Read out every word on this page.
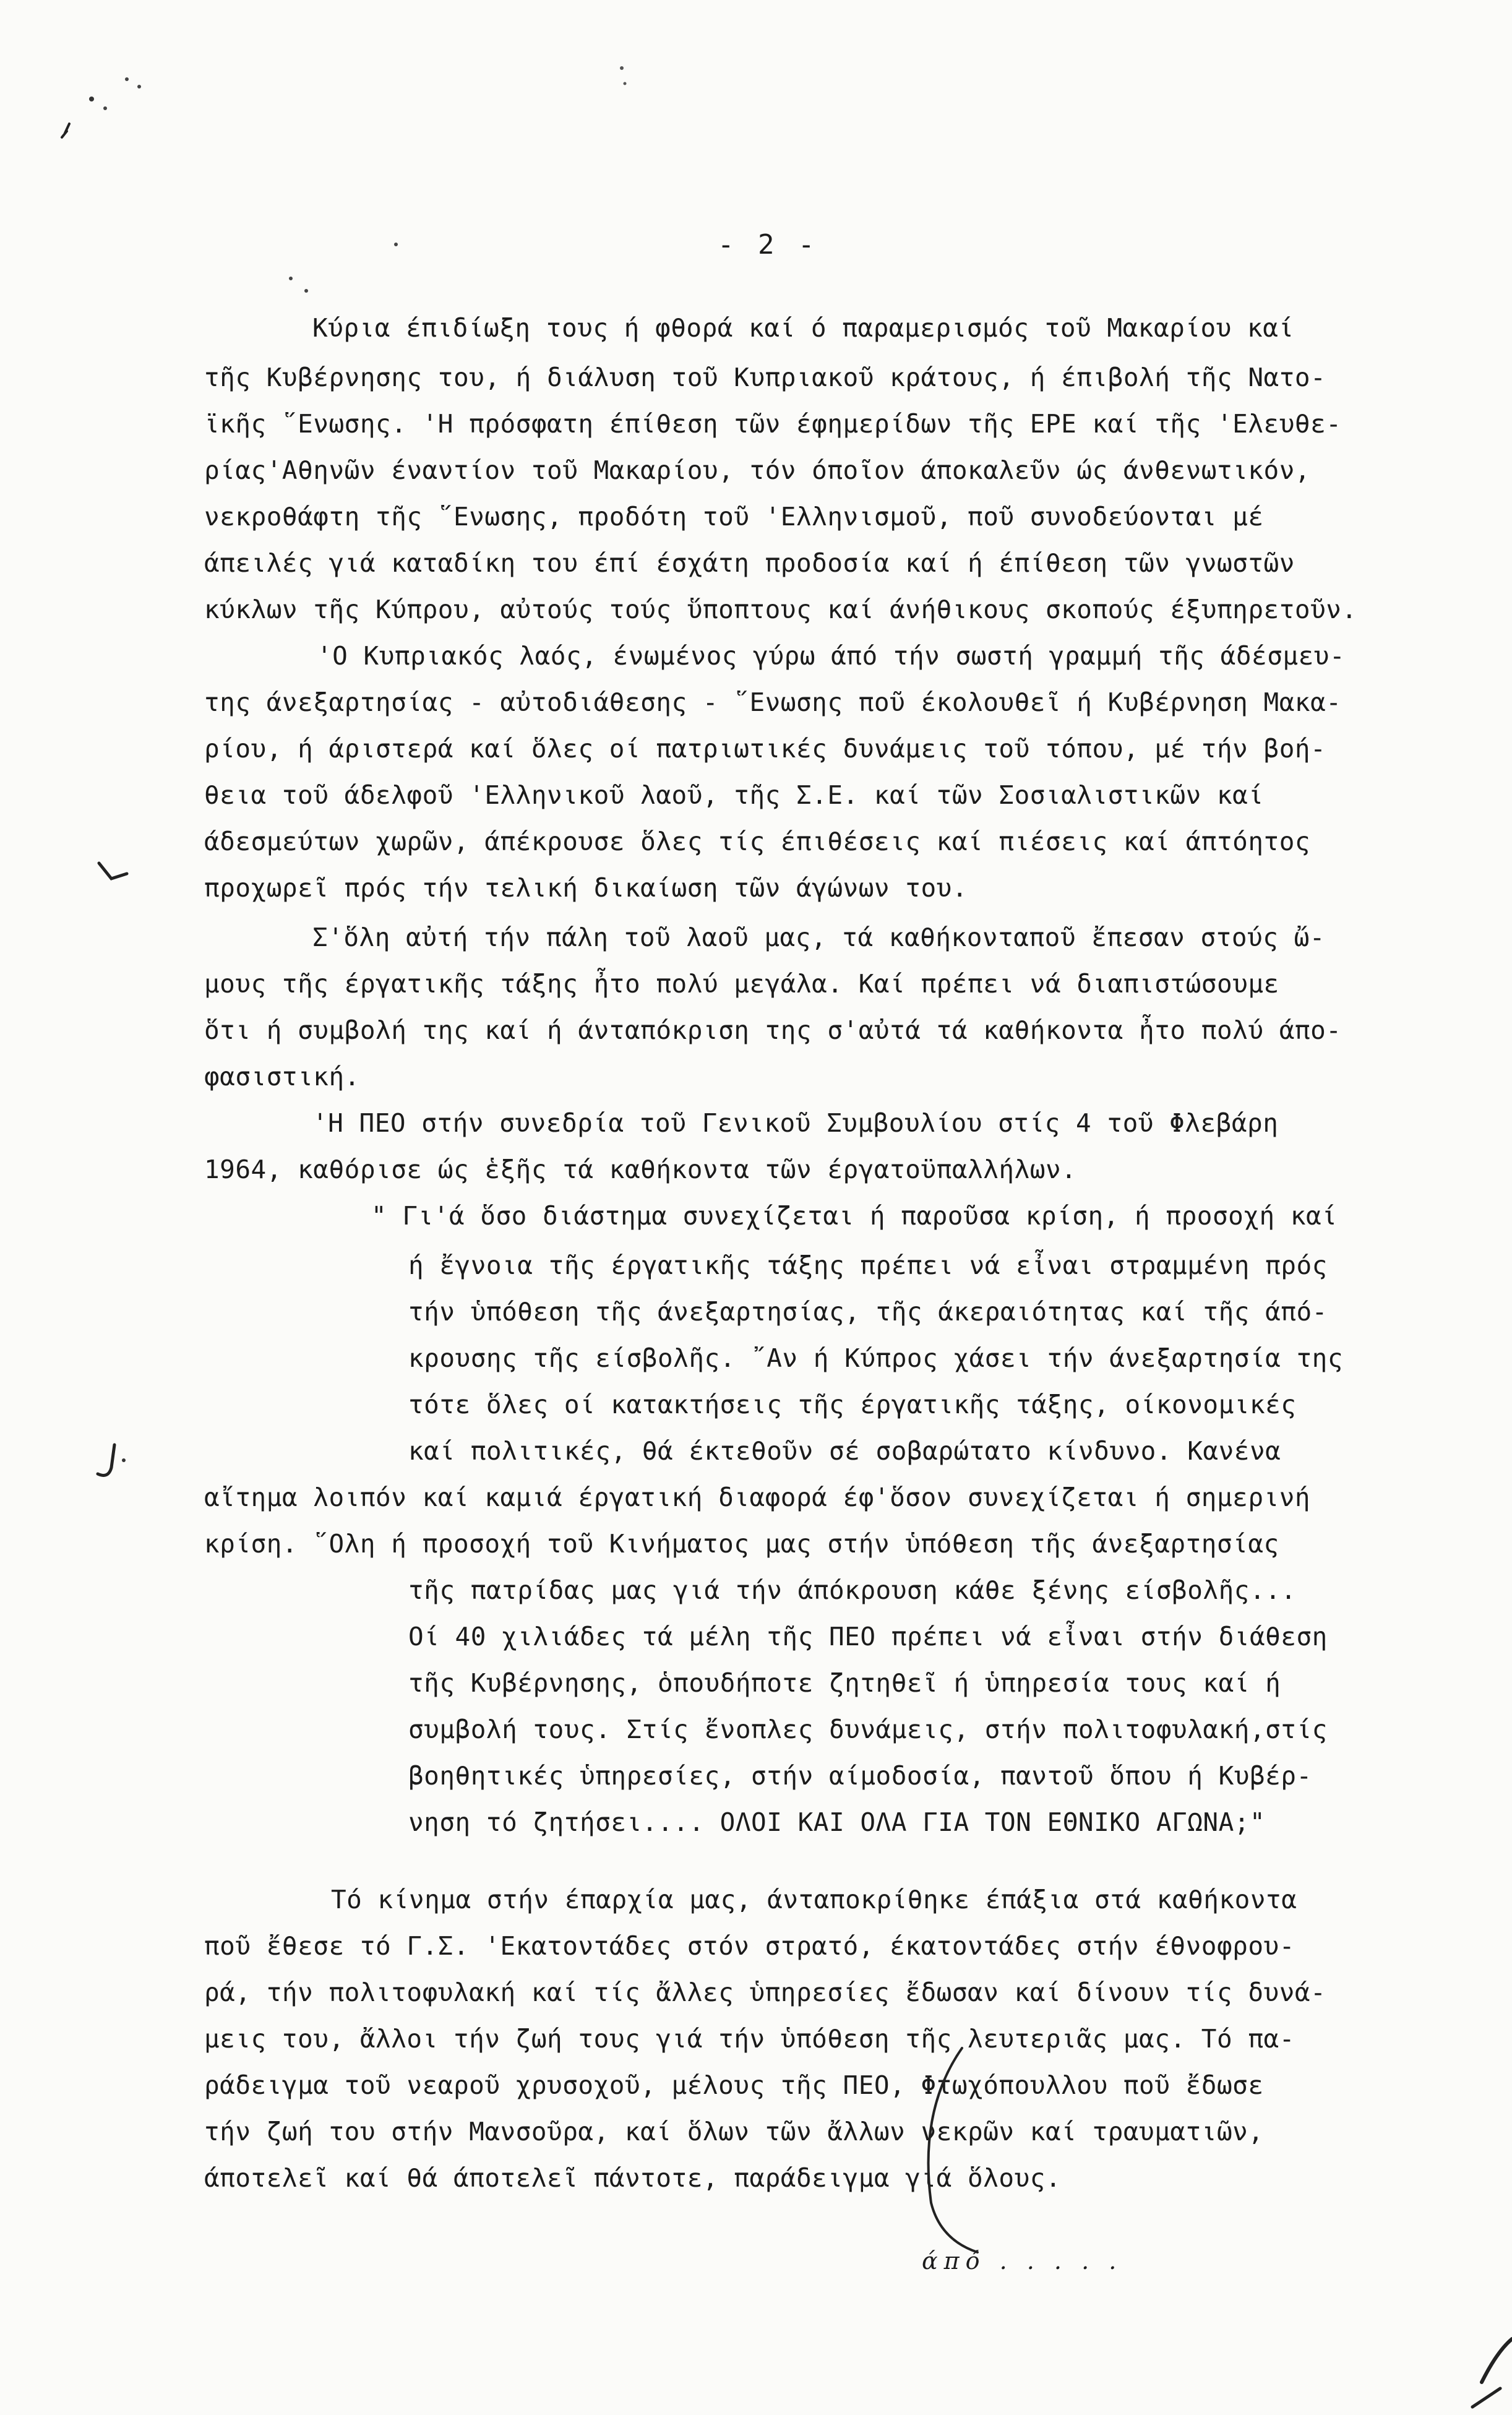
- 2 -
Κύρια έπιδίωξη τους ή φθορά καί ό παραμερισμός τοῦ Μακαρίου καί
τῆς Κυβέρνησης του, ή διάλυση τοῦ Κυπριακοῦ κράτους, ή έπιβολή τῆς Νατο-
ϊκῆς ῞Ενωσης. 'Η πρόσφατη έπίθεση τῶν έφημερίδων τῆς ΕΡΕ καί τῆς 'Ελευθε-
ρίας'Αθηνῶν έναντίον τοῦ Μακαρίου, τόν όποῖον άποκαλεῦν ώς άνθενωτικόν,
νεκροθάφτη τῆς ῞Ενωσης, προδότη τοῦ 'Ελληνισμοῦ, ποῦ συνοδεύονται μέ
άπειλές γιά καταδίκη του έπί έσχάτη προδοσία καί ή έπίθεση τῶν γνωστῶν
κύκλων τῆς Κύπρου, αὐτούς τούς ὕποπτους καί άνήθικους σκοπούς έξυπηρετοῦν.
'Ο Κυπριακός λαός, ένωμένος γύρω άπό τήν σωστή γραμμή τῆς άδέσμευ-
της άνεξαρτησίας - αὐτοδιάθεσης - ῞Ενωσης ποῦ έκολουθεῖ ή Κυβέρνηση Μακα-
ρίου, ή άριστερά καί ὅλες οί πατριωτικές δυνάμεις τοῦ τόπου, μέ τήν βοή-
θεια τοῦ άδελφοῦ 'Ελληνικοῦ λαοῦ, τῆς Σ.Ε. καί τῶν Σοσιαλιστικῶν καί
άδεσμεύτων χωρῶν, άπέκρουσε ὅλες τίς έπιθέσεις καί πιέσεις καί άπτόητος
προχωρεῖ πρός τήν τελική δικαίωση τῶν άγώνων του.
Σ'ὅλη αὐτή τήν πάλη τοῦ λαοῦ μας, τά καθήκονταποῦ ἔπεσαν στούς ὤ-
μους τῆς έργατικῆς τάξης ἦτο πολύ μεγάλα. Καί πρέπει νά διαπιστώσουμε
ὅτι ή συμβολή της καί ή άνταπόκριση της σ'αὐτά τά καθήκοντα ἦτο πολύ άπο-
φασιστική.
'Η ΠΕΟ στήν συνεδρία τοῦ Γενικοῦ Συμβουλίου στίς 4 τοῦ Φλεβάρη
1964, καθόρισε ώς ἑξῆς τά καθήκοντα τῶν έργατοϋπαλλήλων.
" Γι'ά ὅσο διάστημα συνεχίζεται ή παροῦσα κρίση, ή προσοχή καί
ή ἔγνοια τῆς έργατικῆς τάξης πρέπει νά εἶναι στραμμένη πρός
τήν ὑπόθεση τῆς άνεξαρτησίας, τῆς άκεραιότητας καί τῆς άπό-
κρουσης τῆς είσβολῆς. ῎Αν ή Κύπρος χάσει τήν άνεξαρτησία της
τότε ὅλες οί κατακτήσεις τῆς έργατικῆς τάξης, οίκονομικές
καί πολιτικές, θά έκτεθοῦν σέ σοβαρώτατο κίνδυνο. Κανένα
αἴτημα λοιπόν καί καμιά έργατική διαφορά έφ'ὅσον συνεχίζεται ή σημερινή
κρίση. ῞Ολη ή προσοχή τοῦ Κινήματος μας στήν ὑπόθεση τῆς άνεξαρτησίας
τῆς πατρίδας μας γιά τήν άπόκρουση κάθε ξένης είσβολῆς...
Οί 40 χιλιάδες τά μέλη τῆς ΠΕΟ πρέπει νά εἶναι στήν διάθεση
τῆς Κυβέρνησης, ὁπουδήποτε ζητηθεῖ ή ὑπηρεσία τους καί ή
συμβολή τους. Στίς ἔνοπλες δυνάμεις, στήν πολιτοφυλακή,στίς
βοηθητικές ὑπηρεσίες, στήν αίμοδοσία, παντοῦ ὅπου ή Κυβέρ-
νηση τό ζητήσει.... ΟΛΟΙ ΚΑΙ ΟΛΑ ΓΙΑ ΤΟΝ ΕΘΝΙΚΟ ΑΓΩΝΑ;"
Τό κίνημα στήν έπαρχία μας, άνταποκρίθηκε έπάξια στά καθήκοντα
ποῦ ἔθεσε τό Γ.Σ. 'Εκατοντάδες στόν στρατό, έκατοντάδες στήν έθνοφρου-
ρά, τήν πολιτοφυλακή καί τίς ἄλλες ὑπηρεσίες ἔδωσαν καί δίνουν τίς δυνά-
μεις του, ἄλλοι τήν ζωή τους γιά τήν ὑπόθεση τῆς λευτεριᾶς μας. Τό πα-
ράδειγμα τοῦ νεαροῦ χρυσοχοῦ, μέλους τῆς ΠΕΟ, Φτωχόπουλλου ποῦ ἔδωσε
τήν ζωή του στήν Μανσοῦρα, καί ὅλων τῶν ἄλλων νεκρῶν καί τραυματιῶν,
άποτελεῖ καί θά άποτελεῖ πάντοτε, παράδειγμα γιά ὅλους.
άπό . . . . .
